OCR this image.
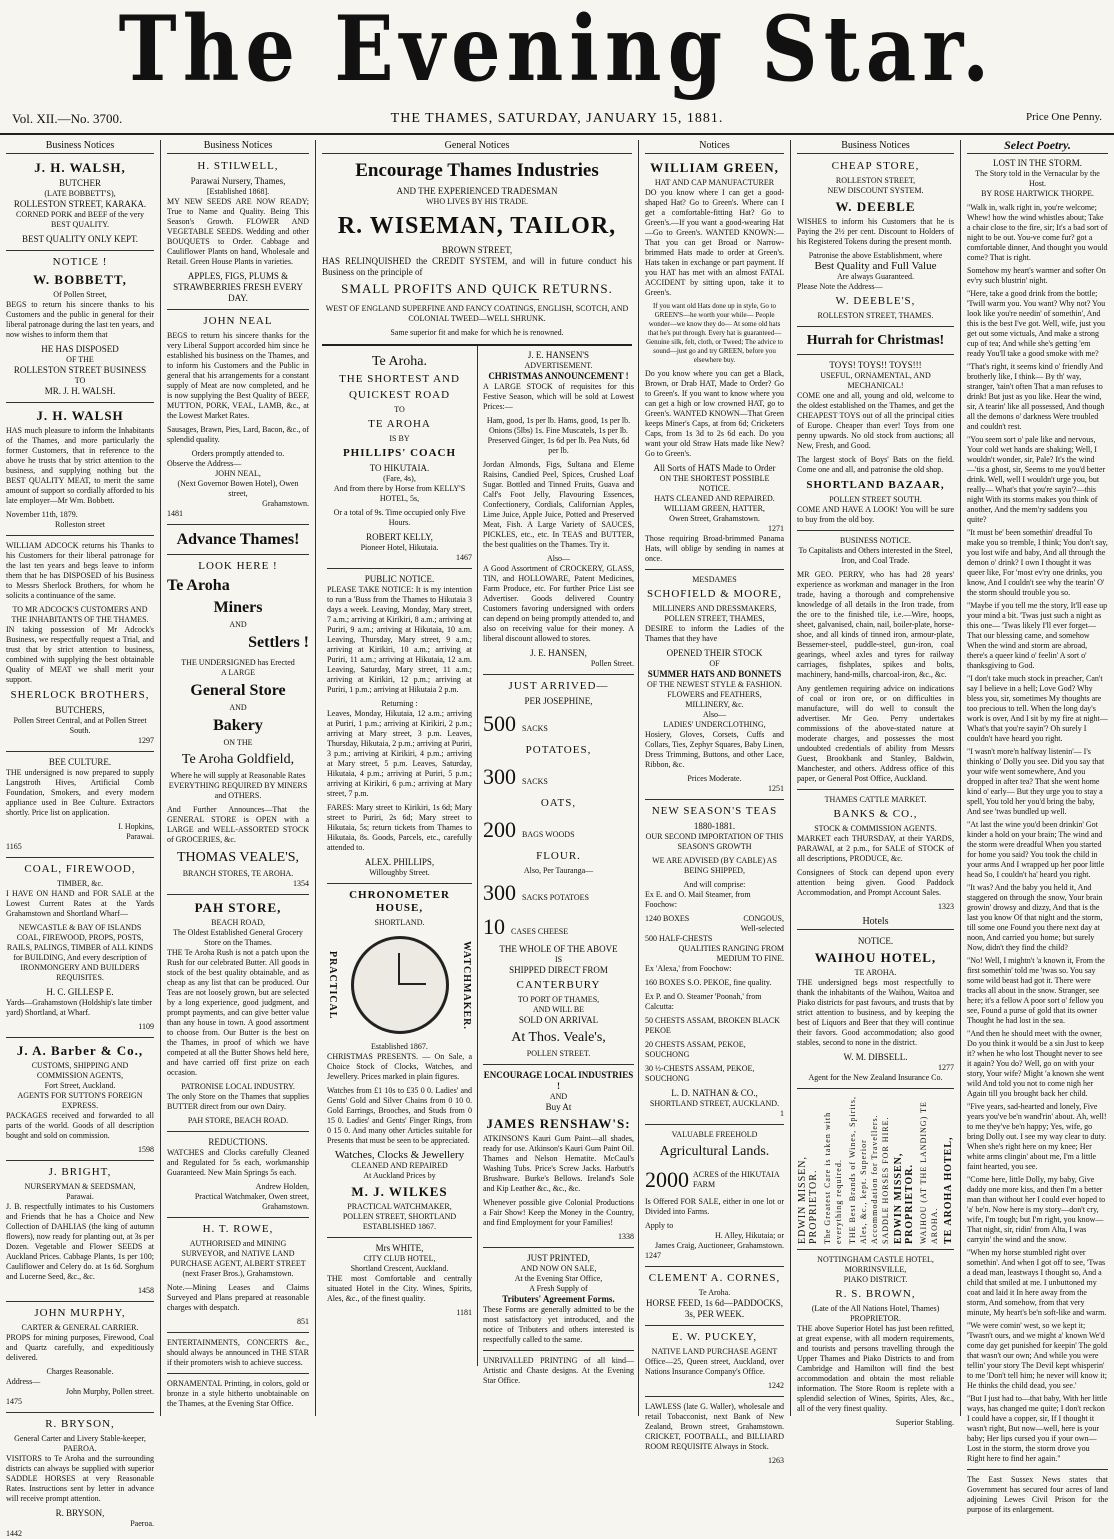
The Evening Star.
Vol. XII.—No. 3700.	THE THAMES, SATURDAY, JANUARY 15, 1881.	Price One Penny.
Business Notices
J. H. WALSH,
BUTCHER
(LATE BOBBETT'S),
ROLLESTON STREET, KARAKA.

CORNED PORK and BEEF of the very BEST QUALITY.

BEST QUALITY ONLY KEPT.
NOTICE !
W. BOBBETT,
Of Pollen Street,

BEGS to return his sincere thanks to his Customers and the public in general for their liberal patronage during the last ten years, and now wishes to inform them that

HE HAS DISPOSED
OF THE
ROLLESTON STREET BUSINESS
TO
MR. J. H. WALSH.
J. H. WALSH

HAS much pleasure to inform the Inhabitants of the Thames, and more particularly the former Customers, that in reference to the above he trusts that by strict attention to the business, and supplying nothing but the BEST QUALITY MEAT, to merit the same amount of support so cordially afforded to his late employer—Mr Wm. Bobbett.

November 11th, 1879.
Rolleston street

WILLIAM ADCOCK returns his Thanks to his Customers for their liberal patronage for the last ten years and begs leave to inform them that he has DISPOSED of his Business to Messrs Sherlock Brothers, for whom he solicits a continuance of the same.

TO MR ADCOCK'S CUSTOMERS AND THE INHABITANTS OF THE THAMES.

IN taking possession of Mr Adcock's Business, we respectfully request a Trial, and trust that by strict attention to business, combined with supplying the best obtainable Quality of MEAT we shall merit your support.

SHERLOCK BROTHERS,
BUTCHERS,
Pollen Street Central, and at Pollen Street South.
1297
BEE CULTURE.

THE undersigned is now prepared to supply Langstroth Hives, Artificial Comb Foundation, Smokers, and every modern appliance used in Bee Culture. Extractors shortly. Price list on application.

I. Hopkins,
Parawai.
1165
COAL, FIREWOOD,
TIMBER, &c.

I HAVE ON HAND and FOR SALE at the Lowest Current Rates at the Yards Grahamstown and Shortland Wharf—

NEWCASTLE & BAY OF ISLANDS COAL, FIREWOOD, PROPS, POSTS, RAILS, PALINGS, TIMBER of ALL KINDS for BUILDING, And every description of IRONMONGERY AND BUILDERS REQUISITES.

H. C. GILLESP E.

Yards—Grahamstown (Holdship's late timber yard) Shortland, at Wharf.

1109
J. A. Barber & Co.,
CUSTOMS, SHIPPING AND COMMISSION AGENTS,
Fort Street, Auckland.
AGENTS FOR SUTTON'S FOREIGN EXPRESS.

PACKAGES received and forwarded to all parts of the world. Goods of all description bought and sold on commission.

1598
J. BRIGHT,
NURSERYMAN & SEEDSMAN,
Parawai.

J. B. respectfully intimates to his Customers and Friends that he has a Choice and New Collection of DAHLIAS (the king of autumn flowers), now ready for planting out, at 3s per Dozen. Vegetable and Flower SEEDS at Auckland Prices. Cabbage Plants, 1s per 100; Cauliflower and Celery do. at 1s 6d. Sorghum and Lucerne Seed, &c., &c.

1458
JOHN MURPHY,
CARTER & GENERAL CARRIER.

PROPS for mining purposes, Firewood, Coal and Quartz carefully, and expeditiously delivered.

Charges Reasonable.
Address—
John Murphy, Pollen street.
1475
R. BRYSON,
General Carter and Livery Stable-keeper, PAEROA.

VISITORS to Te Aroha and the surrounding districts can always be supplied with superior SADDLE HORSES at very Reasonable Rates. Instructions sent by letter in advance will receive prompt attention.

R. BRYSON,
Paeroa.
1442
Business Notices
H. STILWELL,
Parawai Nursery, Thames,
[Established 1868].

MY NEW SEEDS ARE NOW READY; True to Name and Quality. Being This Season's Growth. FLOWER AND VEGETABLE SEEDS. Wedding and other BOUQUETS to Order. Cabbage and Cauliflower Plants on hand, Wholesale and Retail. Green House Plants in varieties.

APPLES, FIGS, PLUMS & STRAWBERRIES FRESH EVERY DAY.
JOHN NEAL

BEGS to return his sincere thanks for the very Liberal Support accorded him since he established his business on the Thames, and to inform his Customers and the Public in general that his arrangements for a constant supply of Meat are now completed, and he is now supplying the Best Quality of BEEF, MUTTON, PORK, VEAL, LAMB, &c., at the Lowest Market Rates.

Sausages, Brawn, Pies, Lard, Bacon, &c., of splendid quality.

Orders promptly attended to.
Observe the Address—
JOHN NEAL,
(Next Governor Bowen Hotel), Owen street,
Grahamstown.
1481
Advance Thames!
LOOK HERE !
Te Aroha
Miners
AND
Settlers !
THE UNDERSIGNED has Erected
A LARGE
General Store
AND
Bakery
ON THE
Te Aroha Goldfield,

Where he will supply at Reasonable Rates EVERYTHING REQUIRED BY MINERS and OTHERS.

And Further Announces—That the GENERAL STORE is OPEN with a LARGE and WELL-ASSORTED STOCK of GROCERIES, &c.

THOMAS VEALE'S,
BRANCH STORES, TE AROHA.
1354
PAH STORE,
BEACH ROAD,
The Oldest Established General Grocery Store on the Thames.

THE Te Aroha Rush is not a patch upon the Rush for our celebrated Butter. All goods in stock of the best quality obtainable, and as cheap as any list that can be produced. Our Teas are not loosely grown, but are selected by a long experience, good judgment, and prompt payments, and can give better value than any house in town. A good assortment to choose from. Our Butter is the best on the Thames, in proof of which we have competed at all the Butter Shows held here, and have carried off first prize on each occasion.

PATRONISE LOCAL INDUSTRY.

The only Store on the Thames that supplies BUTTER direct from our own Dairy.

PAH STORE, BEACH ROAD.
REDUCTIONS.

WATCHES and Clocks carefully Cleaned and Regulated for 5s each, workmanship Guaranteed. New Main Springs 5s each.

Andrew Holden,
Practical Watchmaker, Owen street, Grahamstown.
H. T. ROWE,

AUTHORISED and MINING SURVEYOR, and NATIVE LAND PURCHASE AGENT, ALBERT STREET (next Fraser Bros.), Grahamstown.

Note.—Mining Leases and Claims Surveyed and Plans prepared at reasonable charges with despatch.

851

ENTERTAINMENTS, CONCERTS &c., should always be announced in THE STAR if their promoters wish to achieve success.

ORNAMENTAL Printing, in colors, gold or bronze in a style hitherto unobtainable on the Thames, at the Evening Star Office.

General Notices
Encourage Thames Industries
AND THE EXPERIENCED TRADESMAN
WHO LIVES BY HIS TRADE.
R. WISEMAN, TAILOR,
BROWN STREET,

HAS RELINQUISHED the CREDIT SYSTEM, and will in future conduct his Business on the principle of

SMALL PROFITS AND QUICK RETURNS.

WEST OF ENGLAND SUPERFINE AND FANCY COATINGS, ENGLISH, SCOTCH, AND COLONIAL TWEED—WELL SHRUNK.

Same superior fit and make for which he is renowned.
Te Aroha.
THE SHORTEST AND
QUICKEST ROAD
TO
TE AROHA
IS BY
PHILLIPS' COACH
TO HIKUTAIA.
(Fare, 4s),

And from there by Horse from KELLY'S HOTEL, 5s,

Or a total of 9s. Time occupied only Five Hours.

ROBERT KELLY,
Pioneer Hotel, Hikutaia.
1467
PUBLIC NOTICE.

PLEASE TAKE NOTICE: It is my intention to run a 'Buss from the Thames to Hikutaia 3 days a week. Leaving, Monday, Mary street, 7 a.m.; arriving at Kirikiri, 8 a.m.; arriving at Puriri, 9 a.m.; arriving at Hikutaia, 10 a.m. Leaving, Thursday, Mary street, 9 a.m.; arriving at Kirikiri, 10 a.m.; arriving at Puriri, 11 a.m.; arriving at Hikutaia, 12 a.m. Leaving, Saturday, Mary street, 11 a.m.; arriving at Kirikiri, 12 p.m.; arriving at Puriri, 1 p.m.; arriving at Hikutaia 2 p.m.

Returning :

Leaves, Monday, Hikutaia, 12 a.m.; arriving at Puriri, 1 p.m.; arriving at Kirikiri, 2 p.m.; arriving at Mary street, 3 p.m. Leaves, Thursday, Hikutaia, 2 p.m.; arriving at Puriri, 3 p.m.; arriving at Kirikiri, 4 p.m.; arriving at Mary street, 5 p.m. Leaves, Saturday, Hikutaia, 4 p.m.; arriving at Puriri, 5 p.m.; arriving at Kirikiri, 6 p.m.; arriving at Mary street, 7 p.m.

FARES: Mary street to Kirikiri, 1s 6d; Mary street to Puriri, 2s 6d; Mary street to Hikutaia, 5s; return tickets from Thames to Hikutaia, 8s. Goods, Parcels, etc., carefully attended to.

ALEX. PHILLIPS,
Willoughby Street.
CHRONOMETER HOUSE,
SHORTLAND.
PRACTICAL	WATCHMAKER.
Established 1867.

CHRISTMAS PRESENTS. — On Sale, a Choice Stock of Clocks, Watches, and Jewellery. Prices marked in plain figures.

Watches from £1 10s to £35 0 0. Ladies' and Gents' Gold and Silver Chains from 0 10 0. Gold Earrings, Brooches, and Studs from 0 15 0. Ladies' and Gents' Finger Rings, from 0 15 0. And many other Articles suitable for Presents that must be seen to be appreciated.

Watches, Clocks & Jewellery
CLEANED AND REPAIRED
At Auckland Prices by
M. J. WILKES
PRACTICAL WATCHMAKER,
POLLEN STREET, SHORTLAND
ESTABLISHED 1867.
Mrs WHITE,
CITY CLUB HOTEL,
Shortland Crescent, Auckland.

THE most Comfortable and centrally situated Hotel in the City. Wines, Spirits, Ales, &c., of the finest quality.

1181
J. E. HANSEN'S
ADVERTISEMENT.
CHRISTMAS ANNOUNCEMENT !

A LARGE STOCK of requisites for this Festive Season, which will be sold at Lowest Prices:—

Ham, good, 1s per lb. Hams, good, 1s per lb. Onions (5lbs) 1s. Fine Muscatels, 1s per lb. Preserved Ginger, 1s 6d per lb. Pea Nuts, 6d per lb.

Jordan Almonds, Figs, Sultana and Eleme Raisins, Candied Peel, Spices, Crushed Loaf Sugar. Bottled and Tinned Fruits, Guava and Calf's Foot Jelly, Flavouring Essences, Confectionery, Cordials, Californian Apples, Lime Juice, Apple Juice, Potted and Preserved Meat, Fish. A Large Variety of SAUCES, PICKLES, etc., etc. In TEAS and BUTTER, the best qualities on the Thames. Try it.

Also—

A Good Assortment of CROCKERY, GLASS, TIN, and HOLLOWARE, Patent Medicines, Farm Produce, etc. For further Price List see Advertiser. Goods delivered Country Customers favoring undersigned with orders can depend on being promptly attended to, and also on receiving value for their money. A liberal discount allowed to stores.

J. E. HANSEN,
Pollen Street.
JUST ARRIVED—
PER JOSEPHINE,
500 SACKS
POTATOES,
300 SACKS
OATS,
200 BAGS WOODS
FLOUR.
Also, Per Tauranga—
300 SACKS POTATOES
10 CASES CHEESE
THE WHOLE OF THE ABOVE
IS
SHIPPED DIRECT FROM
CANTERBURY
TO PORT OF THAMES,
AND WILL BE
SOLD ON ARRIVAL
At Thos. Veale's,
POLLEN STREET.
ENCOURAGE LOCAL INDUSTRIES !
AND
Buy At
JAMES RENSHAW'S:

ATKINSON'S Kauri Gum Paint—all shades, ready for use. Atkinson's Kauri Gum Paint Oil. Thames and Nelson Hematite. McCaul's Washing Tubs. Price's Screw Jacks. Harbutt's Brushware. Burke's Bellows. Ireland's Sole and Kip Leather &c., &c., &c.

Whenever possible give Colonial Productions a Fair Show! Keep the Money in the Country, and find Employment for your Families!

1338
JUST PRINTED,
AND NOW ON SALE,
At the Evening Star Office,
A Fresh Supply of
Tributers' Agreement Forms.

These Forms are generally admitted to be the most satisfactory yet introduced, and the notice of Tributers and others interested is respectfully called to the same.

UNRIVALLED PRINTING of all kind—Artistic and Chaste designs. At the Evening Star Office.

Notices
WILLIAM GREEN,
HAT AND CAP MANUFACTURER

DO you know where I can get a good-shaped Hat? Go to Green's. Where can I get a comfortable-fitting Hat? Go to Green's.—If you want a good-wearing Hat—Go to Green's. WANTED KNOWN:—That you can get Broad or Narrow-brimmed Hats made to order at Green's. Hats taken in exchange or part payment. If you HAT has met with an almost FATAL ACCIDENT by sitting upon, take it to Green's.

If you want old Hats done up in style, Go to GREEN'S—he worth your while— People wonder—we know they do— At some old hats that he's put through. Every hat is guaranteed— Genuine silk, felt, cloth, or Tweed; The advice to sound—just go and try GREEN, before you elsewhere buy.

Do you know where you can get a Black, Brown, or Drab HAT, Made to Order? Go to Green's. If you want to know where you can get a high or low crowned HAT, go to Green's. WANTED KNOWN—That Green keeps Miner's Caps, at from 6d; Cricketers Caps, from 1s 3d to 2s 6d each. Do you want your old Straw Hats made like New? Go to Green's.

All Sorts of HATS Made to Order
ON THE SHORTEST POSSIBLE NOTICE.
HATS CLEANED AND REPAIRED.
WILLIAM GREEN, HATTER,
Owen Street, Grahamstown.
1271

Those requiring Broad-brimmed Panama Hats, will oblige by sending in names at once.

MESDAMES
SCHOFIELD & MOORE,
MILLINERS AND DRESSMAKERS,
POLLEN STREET, THAMES,

DESIRE to inform the Ladies of the Thames that they have

OPENED THEIR STOCK
OF
SUMMER HATS AND BONNETS
OF THE NEWEST STYLE & FASHION.
FLOWERS and FEATHERS, MILLINERY, &c.
Also—
LADIES' UNDERCLOTHING,

Hosiery, Gloves, Corsets, Cuffs and Collars, Ties, Zephyr Squares, Baby Linen, Dress Trimming, Buttons, and other Lace, Ribbon, &c.

Prices Moderate.
1251
NEW SEASON'S TEAS
1880-1881.

OUR SECOND IMPORTATION OF THIS SEASON'S GROWTH

WE ARE ADVISED (BY CABLE) AS BEING SHIPPED,

And will comprise:

Ex E. and O. Mail Steamer, from Foochow:

1240 BOXES	CONGOUS,
Well-selected
500 HALF-CHESTS
QUALITIES RANGING FROM MEDIUM TO FINE.

Ex 'Alexa,' from Foochow:

160 BOXES S.O. PEKOE, fine quality.

Ex P. and O. Steamer 'Poonah,' from Calcutta:

50 CHESTS ASSAM, BROKEN BLACK PEKOE

20 CHESTS ASSAM, PEKOE, SOUCHONG

30 ½-CHESTS ASSAM, PEKOE, SOUCHONG

L. D. NATHAN & CO.,
SHORTLAND STREET, AUCKLAND.
1
VALUABLE FREEHOLD
Agricultural Lands.
2000 ACRES of the HIKUTAIA FARM

Is Offered FOR SALE, either in one lot or Divided into Farms.

Apply to
H. Alley, Hikutaia; or
James Craig, Auctioneer, Grahamstown.
1247
CLEMENT A. CORNES,
Te Aroha.
HORSE FEED, 1s 6d—PADDOCKS, 3s, PER WEEK.
E. W. PUCKEY,
NATIVE LAND PURCHASE AGENT

Office—25, Queen street, Auckland, over Nations Insurance Company's Office.

1242

LAWLESS (late G. Waller), wholesale and retail Tobacconist, next Bank of New Zealand, Brown street, Grahamstown. CRICKET, FOOTBALL, and BILLIARD ROOM REQUISITE Always in Stock.

1263
Business Notices
CHEAP STORE,
ROLLESTON STREET,
NEW DISCOUNT SYSTEM.
W. DEEBLE

WISHES to inform his Customers that he is Paying the 2½ per cent. Discount to Holders of his Registered Tokens during the present month.

Patronise the above Establishment, where
Best Quality and Full Value
Are always Guaranteed.
Please Note the Address—
W. DEEBLE'S,
ROLLESTON STREET, THAMES.
Hurrah for Christmas!
TOYS! TOYS!! TOYS!!!
USEFUL, ORNAMENTAL, AND MECHANICAL!

COME one and all, young and old, welcome to the oldest established on the Thames, and get the CHEAPEST TOYS out of all the principal cities of Europe. Cheaper than ever! Toys from one penny upwards. No old stock from auctions; all New, Fresh, and Good.

The largest stock of Boys' Bats on the field. Come one and all, and patronise the old shop.

SHORTLAND BAZAAR,
POLLEN STREET SOUTH.

COME AND HAVE A LOOK! You will be sure to buy from the old boy.

BUSINESS NOTICE.

To Capitalists and Others interested in the Steel, Iron, and Coal Trade.

MR GEO. PERRY, who has had 28 years' experience as workman and manager in the Iron trade, having a thorough and comprehensive knowledge of all details in the Iron trade, from the ore to the finished tile, i.e.—Wire, hoops, sheet, galvanised, chain, nail, boiler-plate, horse-shoe, and all kinds of tinned iron, armour-plate, Bessemer-steel, puddle-steel, gun-iron, coal gearings, wheel axles and tyres for railway carriages, fishplates, spikes and bolts, machinery, hand-mills, charcoal-iron, &c., &c.

Any gentlemen requiring advice on indications of coal or iron ore, or on difficulties in manufacture, will do well to consult the advertiser. Mr Geo. Perry undertakes commissions of the above-stated nature at moderate charges, and possesses the most undoubted credentials of ability from Messrs Guest, Brookbank and Stanley, Baldwin, Manchester, and others. Address office of this paper, or General Post Office, Auckland.

THAMES CATTLE MARKET.
BANKS & CO.,
STOCK & COMMISSION AGENTS.

MARKET each THURSDAY, at their YARDS, PARAWAI, at 2 p.m., for SALE of STOCK of all descriptions, PRODUCE, &c.

Consignees of Stock can depend upon every attention being given. Good Paddock Accommodation, and Prompt Account Sales.

1323
Hotels
NOTICE.
WAIHOU HOTEL,
TE AROHA.

THE undersigned begs most respectfully to thank the inhabitants of the Waihou, Waitoa and Piako districts for past favours, and trusts that by strict attention to business, and by keeping the best of Liquors and Beer that they will continue their favors. Good accommodation; also good stables, second to none in the district.

W. M. DIBSELL.
1277
Agent for the New Zealand Insurance Co.
EDWIN MISSEN, PROPRIETOR. The Greatest Care is taken with everything required. THE Best Brands of Wines, Spirits, Ales, &c., kept. Superior Accommodation for Travellers. SADDLE HORSES FOR HIRE. EDWIN MISSEN, PROPRIETOR. WAIHOU (AT THE LANDING) TE AROHA. TE AROHA HOTEL,
NOTTINGHAM CASTLE HOTEL,
MORRINSVILLE,
PIAKO DISTRICT.
R. S. BROWN,
(Late of the All Nations Hotel, Thames) PROPRIETOR.

THE above Superior Hotel has just been refitted, at great expense, with all modern requirements, and tourists and persons travelling through the Upper Thames and Piako Districts to and from Cambridge and Hamilton will find the best accommodation and obtain the most reliable information. The Store Room is replete with a splendid selection of Wines, Spirits, Ales, &c., all of the very finest quality.

Superior Stabling.
Select Poetry.
LOST IN THE STORM.
The Story told in the Vernacular by the Host.
BY ROSE HARTWICK THORPE.

"Walk in, walk right in, you're welcome; Whew! how the wind whistles about; Take a chair close to the fire, sir; It's a bad sort of night to be out. You-ve come fur? got a comfortable dinner, And thought you would come? That is right.

Somehow my heart's warmer and softer On ev'ry such blustrin' night.

"Here, take a good drink from the bottle; 'Twill warm you. You want? Why not? You look like you're needin' of somethin', And this is the best I've got. Well, wife, just you get out some victuals, And make a strong cup of tea; And while she's getting 'em ready You'll take a good smoke with me?

"That's right, it seems kind o' friendly And brotherly like, I think— By th' way, stranger, 'tain't often That a man refuses to drink! But just as you like. Hear the wind, sir, A tearin' like all possessed, And though all the demons o' darkness Were troubled and couldn't rest.

"You seem sort o' pale like and nervous, Your cold wet hands are shaking; Well, I wouldn't wonder, sir, Pale? It's the wind—'tis a ghost, sir, Seems to me you'd better drink. Well, well I wouldn't urge you, but really— What's that you're sayin'?—this night With its storms makes you think of another, And the mem'ry saddens you quite?

"It must be' been somethin' dreadful To make you so tremble, I think; You don't say, you lost wife and baby, And all through the demon o' drink? I own I thought it was queer like, For 'most ev'ry one drinks, you know, And I couldn't see why the tearin' O' the storm should trouble you so.

"Maybe if you tell me the story, It'll ease up your mind a bit. 'Twas just such a night as this one— 'Twas likely I'll ever forget— That our blessing came, and somehow When the wind and storm are abroad, there's a queer kind o' feelin' A sort o' thanksgiving to God.

"I don't take much stock in preacher, Can't say I believe in a hell; Love God? Why bless you, sir, sometimes My thoughts are too precious to tell. When the long day's work is over, And I sit by my fire at night— What's that you're sayin'? Oh surely I couldn't have heard you right.

"I wasn't more'n halfway listenin'— I's thinking o' Dolly you see. Did you say that your wife went somewhere, And you dropped in after tea? That she went home kind o' early— But they urge you to stay a spell, You told her you'd bring the baby, And see 'twas bundled up well.

"At last the wine you'd been drinkin' Got kinder a hold on your brain; The wind and the storm were dreadful When you started for home you said? You took the child in your arms And I wrapped up her poor little head So, I couldn't ha' heard you right.

"It was? And the baby you held it, And staggered on through the snow, Your brain growin' drowsy and dizzy, And that is the last you know Of that night and the storm, till some one Found you there next day at noon, And carried you home; but surely Now, didn't they find the child?

"No! Well, I mightn't 'a known it, From the first somethin' told me 'twas so. You say some wild beast had got it. There were tracks all about in the snow. Stranger, see here; it's a fellow A poor sort o' fellow you see, Found a purse of gold that its owner Thought he had lost in the sea.

"And then he should meet with the owner, Do you think it would be a sin Just to keep it? when he who lost Thought never to see it again? You do? Well, go on with your story, Your wife? Might 'a known she went wild And told you not to come nigh her Again till you brought back her child.

"Five years, sad-hearted and lonely, Five years you've be'n wand'rin' about. Ah, well! to me they've be'n happy; Yes, wife, go bring Dolly out. I see my way clear to duty. When she's right here on my knee; Her white arms clingin' about me, I'm a little faint hearted, you see.

"Come here, little Dolly, my baby, Give daddy one more kiss, and then I'm a better man than without her I could ever hoped to 'a' be'n. Now here is my story—don't cry, wife, I'm tough; but I'm right, you know— That night, sir, ridin' from Alta, I was carryin' the wind and the snow.

"When my horse stumbled right over somethin'. And when I got off to see, 'Twas a dead man, leastways I thought so, And a child that smiled at me. I unbuttoned my coat and laid it In here away from the storm, And somehow, from that very minute, My heart's be'n soft-like and warm.

"We were comin' west, so we kept it; 'Twasn't ours, and we might a' known We'd come day get punished for keepin' The gold that wasn't our own; And while you were tellin' your story The Devil kept whisperin' to me 'Don't tell him; he never will know it; He thinks the child dead, you see.'

"But I just had to—that baby, With her little ways, has changed me quite; I don't reckon I could have a copper, sir, If I thought it wasn't right, But now—well, here is your baby; Her lips cursed you if your own— Lost in the storm, the storm drove you Right here to find her again."

The East Sussex News states that Government has secured four acres of land adjoining Lewes Civil Prison for the purpose of its enlargement.
